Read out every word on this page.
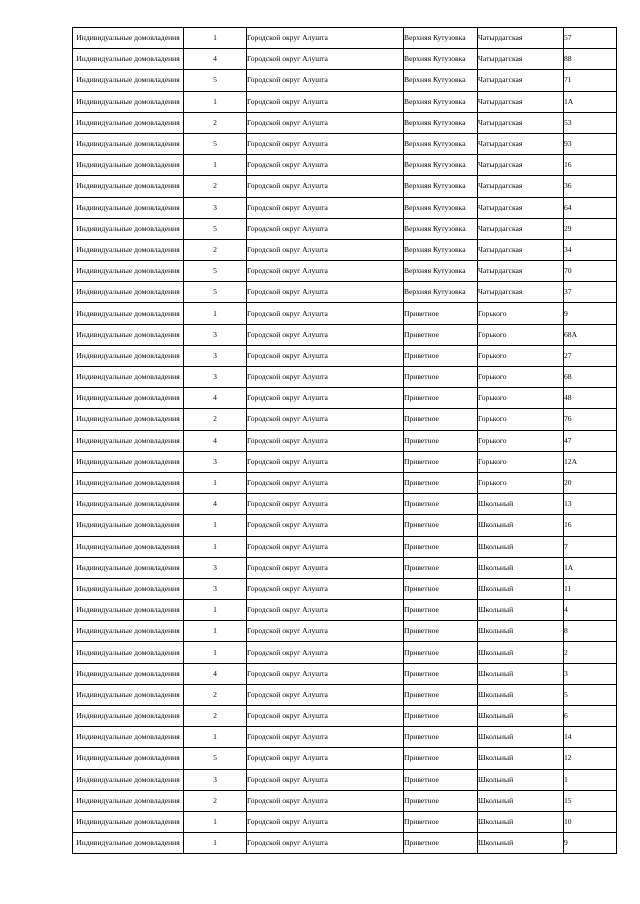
Индивидуальные домовладения	1	Городской округ Алушта	Верхняя Кутузовка	Чатырдагская	57
Индивидуальные домовладения	4	Городской округ Алушта	Верхняя Кутузовка	Чатырдагская	88
Индивидуальные домовладения	5	Городской округ Алушта	Верхняя Кутузовка	Чатырдагская	71
Индивидуальные домовладения	1	Городской округ Алушта	Верхняя Кутузовка	Чатырдагская	1А
Индивидуальные домовладения	2	Городской округ Алушта	Верхняя Кутузовка	Чатырдагская	53
Индивидуальные домовладения	5	Городской округ Алушта	Верхняя Кутузовка	Чатырдагская	93
Индивидуальные домовладения	1	Городской округ Алушта	Верхняя Кутузовка	Чатырдагская	16
Индивидуальные домовладения	2	Городской округ Алушта	Верхняя Кутузовка	Чатырдагская	36
Индивидуальные домовладения	3	Городской округ Алушта	Верхняя Кутузовка	Чатырдагская	64
Индивидуальные домовладения	5	Городской округ Алушта	Верхняя Кутузовка	Чатырдагская	29
Индивидуальные домовладения	2	Городской округ Алушта	Верхняя Кутузовка	Чатырдагская	34
Индивидуальные домовладения	5	Городской округ Алушта	Верхняя Кутузовка	Чатырдагская	70
Индивидуальные домовладения	5	Городской округ Алушта	Верхняя Кутузовка	Чатырдагская	37
Индивидуальные домовладения	1	Городской округ Алушта	Приветное	Горького	9
Индивидуальные домовладения	3	Городской округ Алушта	Приветное	Горького	68А
Индивидуальные домовладения	3	Городской округ Алушта	Приветное	Горького	27
Индивидуальные домовладения	3	Городской округ Алушта	Приветное	Горького	68
Индивидуальные домовладения	4	Городской округ Алушта	Приветное	Горького	48
Индивидуальные домовладения	2	Городской округ Алушта	Приветное	Горького	76
Индивидуальные домовладения	4	Городской округ Алушта	Приветное	Горького	47
Индивидуальные домовладения	3	Городской округ Алушта	Приветное	Горького	12А
Индивидуальные домовладения	1	Городской округ Алушта	Приветное	Горького	20
Индивидуальные домовладения	4	Городской округ Алушта	Приветное	Школьный	13
Индивидуальные домовладения	1	Городской округ Алушта	Приветное	Школьный	16
Индивидуальные домовладения	1	Городской округ Алушта	Приветное	Школьный	7
Индивидуальные домовладения	3	Городской округ Алушта	Приветное	Школьный	1А
Индивидуальные домовладения	3	Городской округ Алушта	Приветное	Школьный	11
Индивидуальные домовладения	1	Городской округ Алушта	Приветное	Школьный	4
Индивидуальные домовладения	1	Городской округ Алушта	Приветное	Школьный	8
Индивидуальные домовладения	1	Городской округ Алушта	Приветное	Школьный	2
Индивидуальные домовладения	4	Городской округ Алушта	Приветное	Школьный	3
Индивидуальные домовладения	2	Городской округ Алушта	Приветное	Школьный	5
Индивидуальные домовладения	2	Городской округ Алушта	Приветное	Школьный	6
Индивидуальные домовладения	1	Городской округ Алушта	Приветное	Школьный	14
Индивидуальные домовладения	5	Городской округ Алушта	Приветное	Школьный	12
Индивидуальные домовладения	3	Городской округ Алушта	Приветное	Школьный	1
Индивидуальные домовладения	2	Городской округ Алушта	Приветное	Школьный	15
Индивидуальные домовладения	1	Городской округ Алушта	Приветное	Школьный	10
Индивидуальные домовладения	1	Городской округ Алушта	Приветное	Школьный	9
